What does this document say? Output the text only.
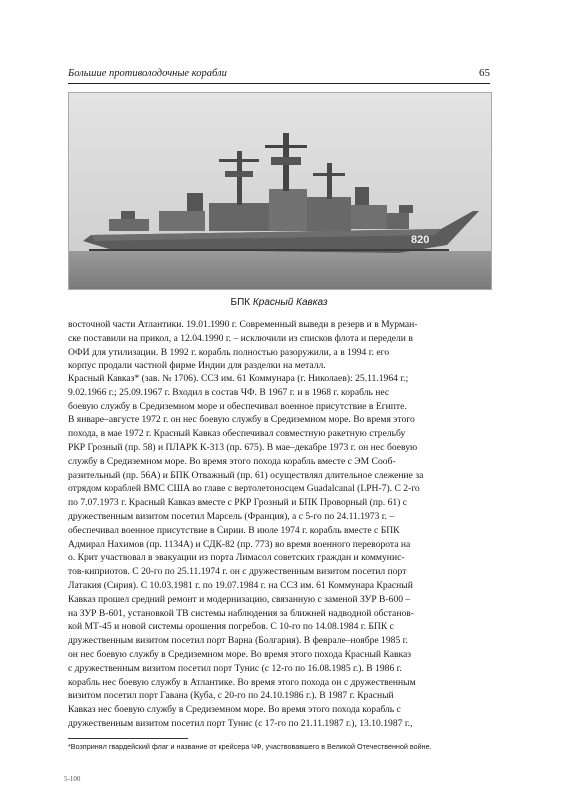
Большие противолодочные корабли	65
820
БПК Красный Кавказ
восточной части Атлантики. 19.01.1990 г. Современный выведи в резерв и в Мурман-
ске поставили на прикол, а 12.04.1990 г. – исключили из списков флота и передели в
ОФИ для утилизации. В 1992 г. корабль полностью разоружили, а в 1994 г. его
корпус продали частной фирме Индии для разделки на металл.
Красный Кавказ* (зав. № 1706). ССЗ им. 61 Коммунара (г. Николаев): 25.11.1964 г.;
9.02.1966 г.; 25.09.1967 г. Входил в состав ЧФ. В 1967 г. и в 1968 г. корабль нес
боевую службу в Средиземном море и обеспечивал военное присутствие в Египте.
В январе–августе 1972 г. он нес боевую службу в Средиземном море. Во время этого
похода, в мае 1972 г. Красный Кавказ обеспечивал совместную ракетную стрельбу
РКР Грозный (пр. 58) и ПЛАРК К-313 (пр. 675). В мае–декабре 1973 г. он нес боевую
службу в Средиземном море. Во время этого похода корабль вместе с ЭМ Сооб-
разительный (пр. 56А) и БПК Отважный (пр. 61) осуществлял длительное слежение за
отрядом кораблей ВМС США во главе с вертолетоносцем Guadalcanal (LPH-7). С 2-го
по 7.07.1973 г. Красный Кавказ вместе с РКР Грозный и БПК Проворный (пр. 61) с
дружественным визитом посетил Марсель (Франция), а с 5-го по 24.11.1973 г. –
обеспечивал военное присутствие в Сирии. В июле 1974 г. корабль вместе с БПК
Адмирал Нахимов (пр. 1134А) и СДК-82 (пр. 773) во время военного переворота на
о. Крит участвовал в эвакуации из порта Лимасол советских граждан и коммунис-
тов-киприотов. С 20-го по 25.11.1974 г. он с дружественным визитом посетил порт
Латакия (Сирия). С 10.03.1981 г. по 19.07.1984 г. на ССЗ им. 61 Коммунара Красный
Кавказ прошел средний ремонт и модернизацию, связанную с заменой ЗУР В-600 –
на ЗУР В-601, установкой ТВ системы наблюдения за ближней надводной обстанов-
кой МТ-45 и новой системы орошения погребов. С 10-го по 14.08.1984 г. БПК с
дружественным визитом посетил порт Варна (Болгария). В феврале–ноябре 1985 г.
он нес боевую службу в Средиземном море. Во время этого похода Красный Кавказ
с дружественным визитом посетил порт Тунис (с 12-го по 16.08.1985 г.). В 1986 г.
корабль нес боевую службу в Атлантике. Во время этого похода он с дружественным
визитом посетил порт Гавана (Куба, с 20-го по 24.10.1986 г.). В 1987 г. Красный
Кавказ нес боевую службу в Средиземном море. Во время этого похода корабль с
дружественным визитом посетил порт Тунис (с 17-го по 21.11.1987 г.), 13.10.1987 г.,
*Возпринял гвардейский флаг и название от крейсера ЧФ, участвовавшего в Великой Отечественной войне.
5-100
